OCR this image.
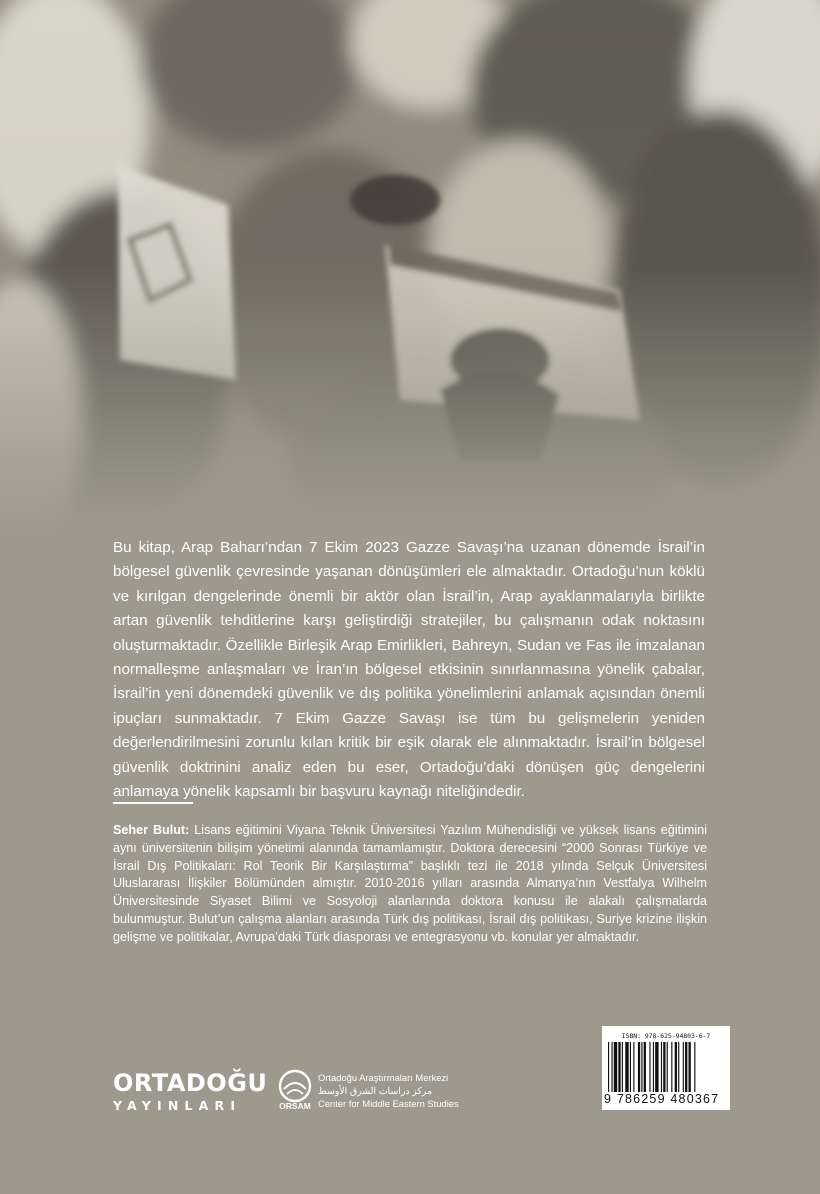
Bu kitap, Arap Baharı’ndan 7 Ekim 2023 Gazze Savaşı’na uzanan dönemde İsrail’in bölgesel güvenlik çevresinde yaşanan dönüşümleri ele almaktadır. Ortadoğu’nun köklü ve kırılgan dengelerinde önemli bir aktör olan İsrail’in, Arap ayaklanmalarıyla birlikte artan güvenlik tehditlerine karşı geliştirdiği stratejiler, bu çalışmanın odak noktasını oluşturmaktadır. Özellikle Birleşik Arap Emirlikleri, Bahreyn, Sudan ve Fas ile imzalanan normalleşme anlaşmaları ve İran’ın bölgesel etkisinin sınırlanmasına yönelik çabalar, İsrail’in yeni dönemdeki güvenlik ve dış politika yönelimlerini anlamak açısından önemli ipuçları sunmaktadır. 7 Ekim Gazze Savaşı ise tüm bu gelişmelerin yeniden değerlendirilmesini zorunlu kılan kritik bir eşik olarak ele alınmaktadır. İsrail’in bölgesel güvenlik doktrinini analiz eden bu eser, Ortadoğu’daki dönüşen güç dengelerini anlamaya yönelik kapsamlı bir başvuru kaynağı niteliğindedir.

Seher Bulut: Lisans eğitimini Viyana Teknik Üniversitesi Yazılım Mühendisliği ve yüksek lisans eğitimini aynı üniversitenin bilişim yönetimi alanında tamamlamıştır. Doktora derecesini “2000 Sonrası Türkiye ve İsrail Dış Politikaları: Rol Teorik Bir Karşılaştırma” başlıklı tezi ile 2018 yılında Selçuk Üniversitesi Uluslararası İlişkiler Bölümünden almıştır. 2010-2016 yılları arasında Almanya’nın Vestfalya Wilhelm Üniversitesinde Siyaset Bilimi ve Sosyoloji alanlarında doktora konusu ile alakalı çalışmalarda bulunmuştur. Bulut’un çalışma alanları arasında Türk dış politikası, İsrail dış politikası, Suriye krizine ilişkin gelişme ve politikalar, Avrupa’daki Türk diasporası ve entegrasyonu vb. konular yer almaktadır.

ORTADOĞU
YAYINLARI	ORSAM
Ortadoğu Araştırmaları Merkezi
مركز دراسات الشرق الأوسط
Center for Middle Eastern Studies
ISBN: 978-625-94803-6-7
9 786259 480367
